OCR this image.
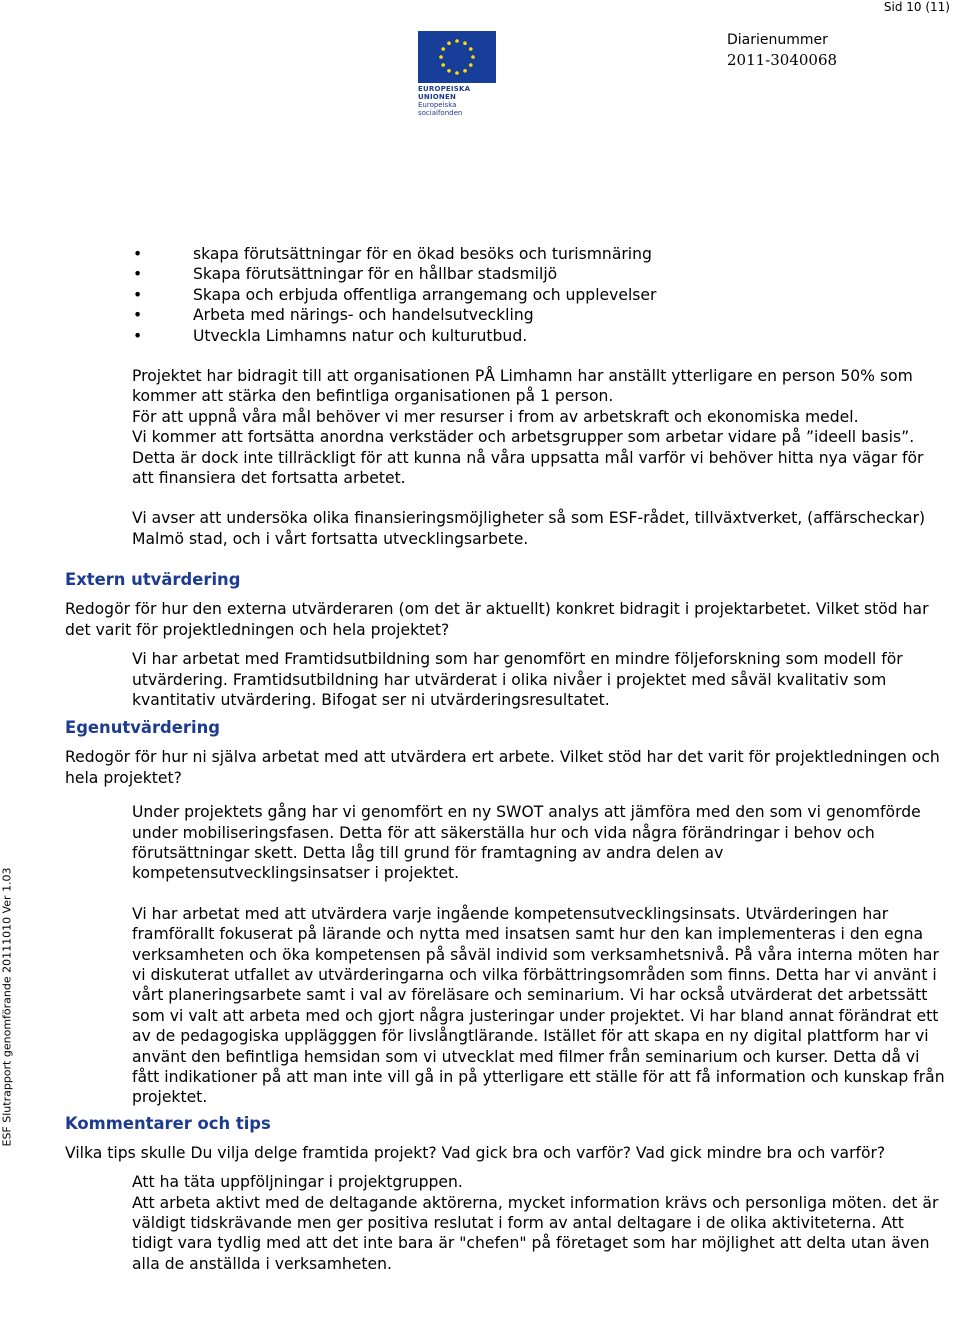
Sid 10 (11)
EUROPEISKA UNIONEN
Europeiska socialfonden
Diarienummer
2011-3040068
ESF Slutrapport genomförande 20111010 Ver 1.03
• skapa förutsättningar för en ökad besöks och turismnäring
• Skapa förutsättningar för en hållbar stadsmiljö
• Skapa och erbjuda offentliga arrangemang och upplevelser
• Arbeta med närings- och handelsutveckling
• Utveckla Limhamns natur och kulturutbud.

Projektet har bidragit till att organisationen PÅ Limhamn har anställt ytterligare en person 50% som kommer att stärka den befintliga organisationen på 1 person.

För att uppnå våra mål behöver vi mer resurser i from av arbetskraft och ekonomiska medel.

Vi kommer att fortsätta anordna verkstäder och arbetsgrupper som arbetar vidare på ”ideell basis”. Detta är dock inte tillräckligt för att kunna nå våra uppsatta mål varför vi behöver hitta nya vägar för att finansiera det fortsatta arbetet.

Vi avser att undersöka olika finansieringsmöjligheter så som ESF-rådet, tillväxtverket, (affärscheckar) Malmö stad, och i vårt fortsatta utvecklingsarbete.

Extern utvärdering

Redogör för hur den externa utvärderaren (om det är aktuellt) konkret bidragit i projektarbetet. Vilket stöd har det varit för projektledningen och hela projektet?

Vi har arbetat med Framtidsutbildning som har genomfört en mindre följeforskning som modell för utvärdering. Framtidsutbildning har utvärderat i olika nivåer i projektet med såväl kvalitativ som kvantitativ utvärdering. Bifogat ser ni utvärderingsresultatet.

Egenutvärdering

Redogör för hur ni själva arbetat med att utvärdera ert arbete. Vilket stöd har det varit för projektledningen och hela projektet?

Under projektets gång har vi genomfört en ny SWOT analys att jämföra med den som vi genomförde under mobiliseringsfasen. Detta för att säkerställa hur och vida några förändringar i behov och förutsättningar skett. Detta låg till grund för framtagning av andra delen av kompetensutvecklingsinsatser i projektet.

Vi har arbetat med att utvärdera varje ingående kompetensutvecklingsinsats. Utvärderingen har framförallt fokuserat på lärande och nytta med insatsen samt hur den kan implementeras i den egna verksamheten och öka kompetensen på såväl individ som verksamhetsnivå. På våra interna möten har vi diskuterat utfallet av utvärderingarna och vilka förbättringsområden som finns. Detta har vi använt i vårt planeringsarbete samt i val av föreläsare och seminarium. Vi har också utvärderat det arbetssätt som vi valt att arbeta med och gjort några justeringar under projektet. Vi har bland annat förändrat ett av de pedagogiska upplägggen för livslångtlärande. Istället för att skapa en ny digital plattform har vi använt den befintliga hemsidan som vi utvecklat med filmer från seminarium och kurser. Detta då vi fått indikationer på att man inte vill gå in på ytterligare ett ställe för att få information och kunskap från projektet.

Kommentarer och tips

Vilka tips skulle Du vilja delge framtida projekt? Vad gick bra och varför? Vad gick mindre bra och varför?

Att ha täta uppföljningar i projektgruppen.

Att arbeta aktivt med de deltagande aktörerna, mycket information krävs och personliga möten. det är väldigt tidskrävande men ger positiva reslutat i form av antal deltagare i de olika aktiviteterna. Att tidigt vara tydlig med att det inte bara är "chefen" på företaget som har möjlighet att delta utan även alla de anställda i verksamheten.
